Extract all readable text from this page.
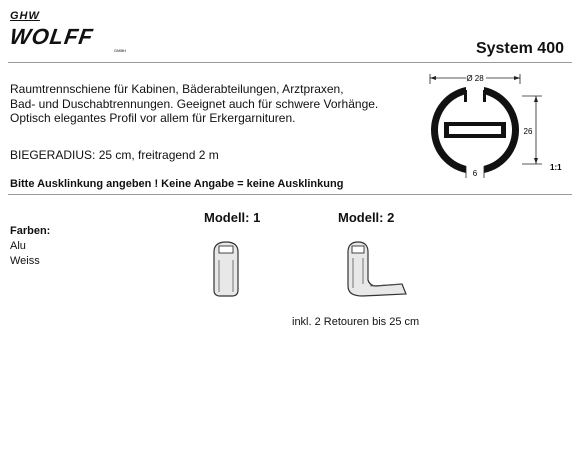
GHW
WOLFF
GMBH	System 400
Raumtrennschiene für Kabinen, Bäderabteilungen, Arztpraxen,
Bad- und Duschabtrennungen. Geeignet auch für schwere Vorhänge.
Optisch elegantes Profil vor allem für Erkergarnituren.
BIEGERADIUS: 25 cm, freitragend 2 m
Ø 28
26
6
1:1
Bitte Ausklinkung angeben ! Keine Angabe = keine Ausklinkung
Farben:
Alu
Weiss
Modell: 1	Modell: 2
inkl. 2 Retouren bis 25 cm
